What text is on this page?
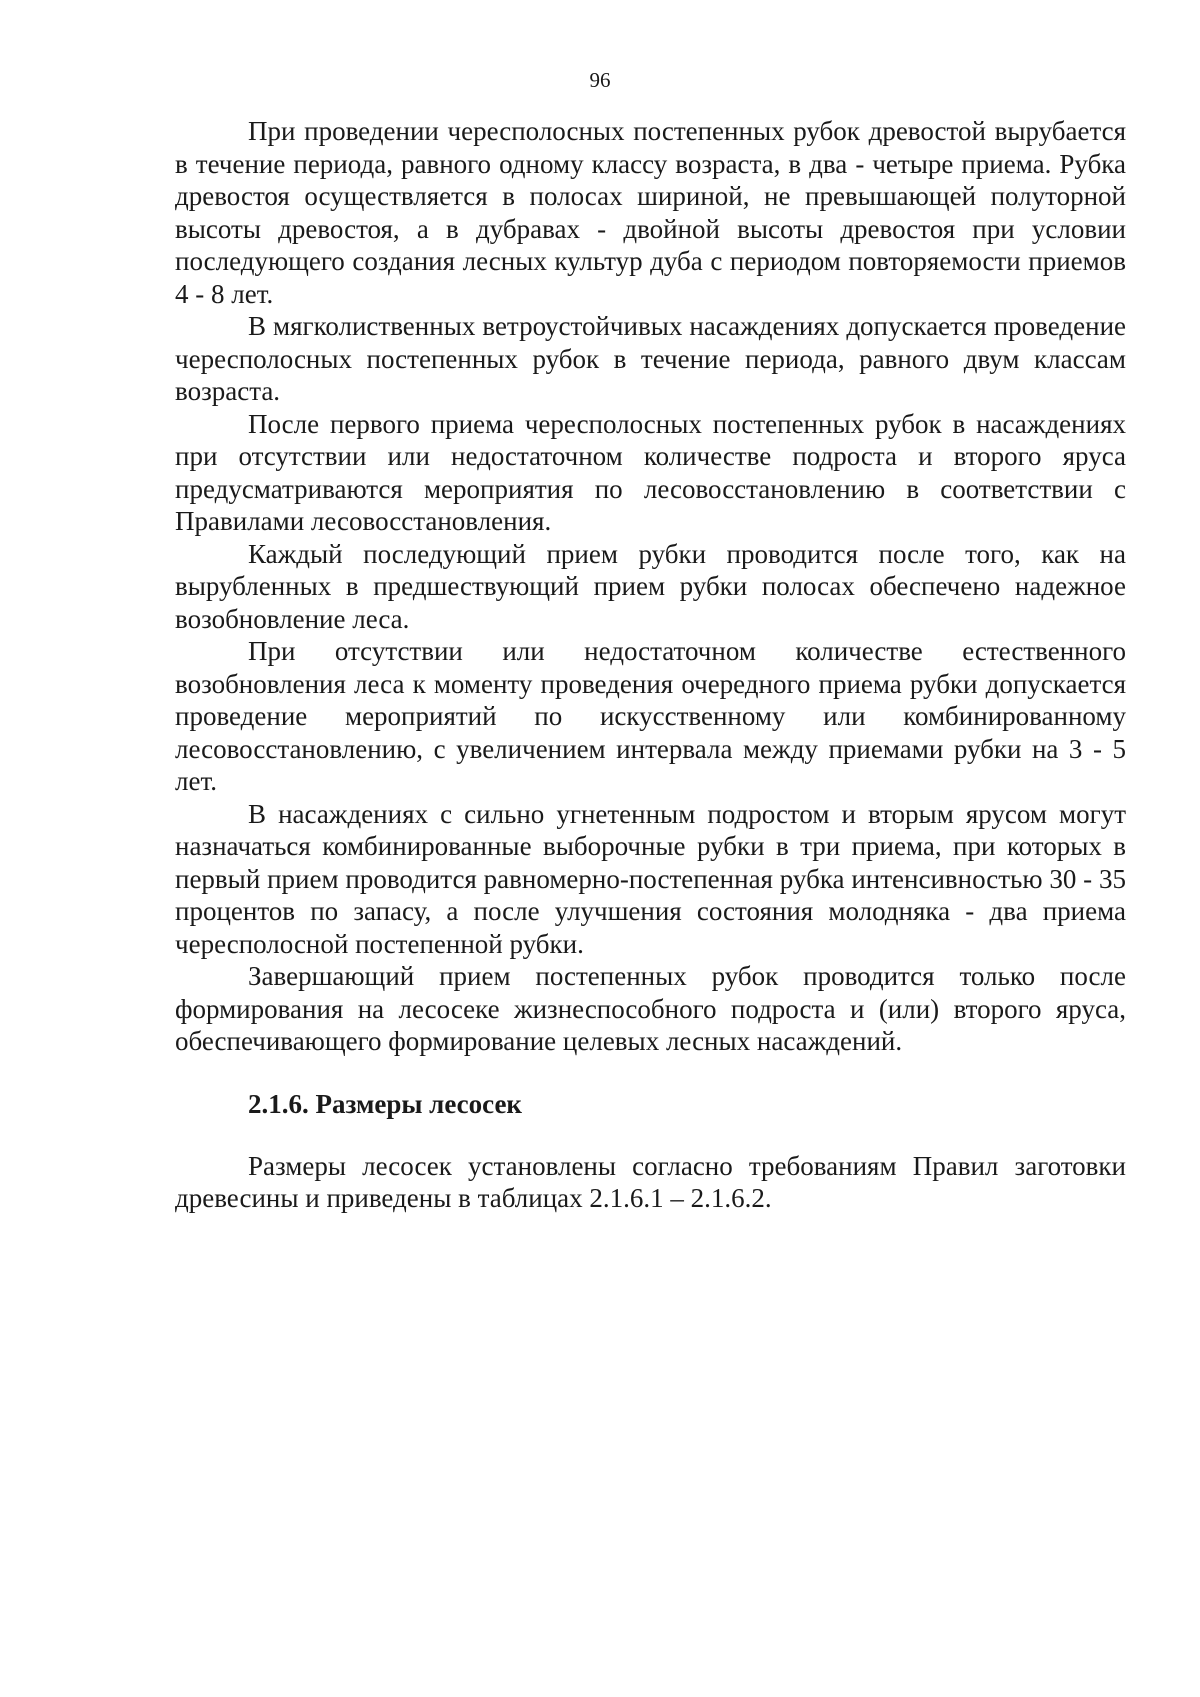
96

При проведении чересполосных постепенных рубок древостой вырубается в течение периода, равного одному классу возраста, в два - четыре приема. Рубка древостоя осуществляется в полосах шириной, не превышающей полуторной высоты древостоя, а в дубравах - двойной высоты древостоя при условии последующего создания лесных культур дуба с периодом повторяемости приемов 4 - 8 лет.

В мягколиственных ветроустойчивых насаждениях допускается проведение чересполосных постепенных рубок в течение периода, равного двум классам возраста.

После первого приема чересполосных постепенных рубок в насаждениях при отсутствии или недостаточном количестве подроста и второго яруса предусматриваются мероприятия по лесовосстановлению в соответствии с Правилами лесовосстановления.

Каждый последующий прием рубки проводится после того, как на вырубленных в предшествующий прием рубки полосах обеспечено надежное возобновление леса.

При отсутствии или недостаточном количестве естественного возобновления леса к моменту проведения очередного приема рубки допускается проведение мероприятий по искусственному или комбинированному лесовосстановлению, с увеличением интервала между приемами рубки на 3 - 5 лет.

В насаждениях с сильно угнетенным подростом и вторым ярусом могут назначаться комбинированные выборочные рубки в три приема, при которых в первый прием проводится равномерно-постепенная рубка интенсивностью 30 - 35 процентов по запасу, а после улучшения состояния молодняка - два приема чересполосной постепенной рубки.

Завершающий прием постепенных рубок проводится только после формирования на лесосеке жизнеспособного подроста и (или) второго яруса, обеспечивающего формирование целевых лесных насаждений.

2.1.6. Размеры лесосек

Размеры лесосек установлены согласно требованиям Правил заготовки древесины и приведены в таблицах 2.1.6.1 – 2.1.6.2.
